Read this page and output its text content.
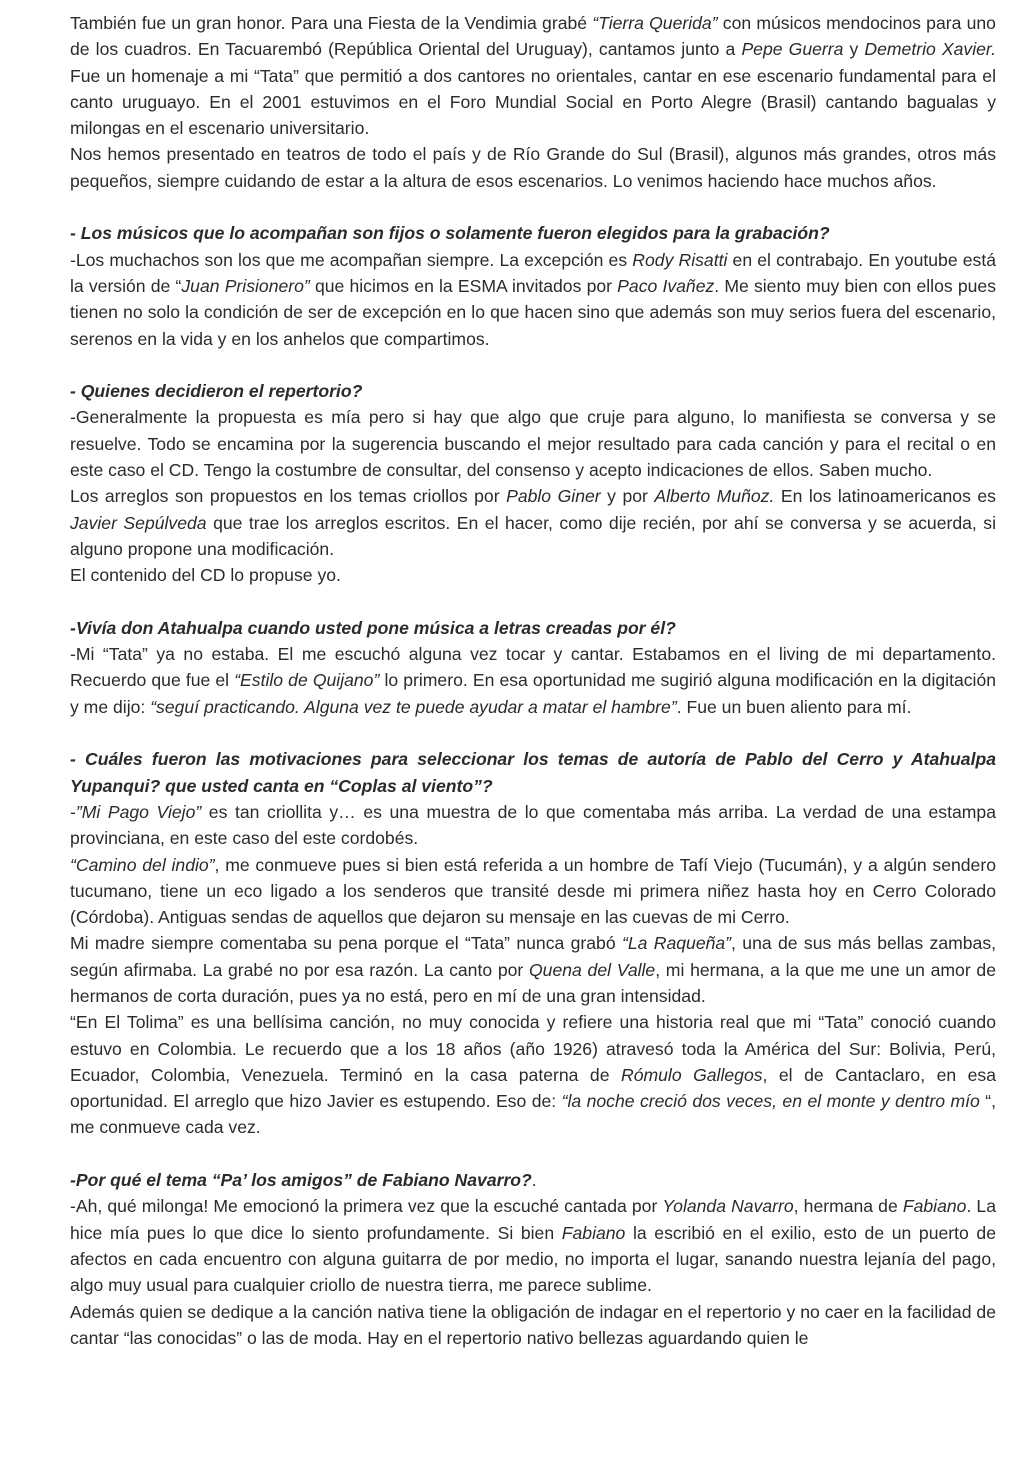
También fue un gran honor. Para una Fiesta de la Vendimia grabé “Tierra Querida” con músicos mendocinos para uno de los cuadros. En Tacuarembó (República Oriental del Uruguay), cantamos junto a Pepe Guerra y Demetrio Xavier. Fue un homenaje a mi “Tata” que permitió a dos cantores no orientales, cantar en ese escenario fundamental para el canto uruguayo. En el 2001 estuvimos en el Foro Mundial Social en Porto Alegre (Brasil) cantando bagualas y milongas en el escenario universitario.

Nos hemos presentado en teatros de todo el país y de Río Grande do Sul (Brasil), algunos más grandes, otros más pequeños, siempre cuidando de estar a la altura de esos escenarios. Lo venimos haciendo hace muchos años.

- Los músicos que lo acompañan son fijos o solamente fueron elegidos para la grabación?

-Los muchachos son los que me acompañan siempre. La excepción es Rody Risatti en el contrabajo. En youtube está la versión de “Juan Prisionero” que hicimos en la ESMA invitados por Paco Ivañez. Me siento muy bien con ellos pues tienen no solo la condición de ser de excepción en lo que hacen sino que además son muy serios fuera del escenario, serenos en la vida y en los anhelos que compartimos.

- Quienes decidieron el repertorio?

-Generalmente la propuesta es mía pero si hay que algo que cruje para alguno, lo manifiesta se conversa y se resuelve. Todo se encamina por la sugerencia buscando el mejor resultado para cada canción y para el recital o en este caso el CD. Tengo la costumbre de consultar, del consenso y acepto indicaciones de ellos. Saben mucho.

Los arreglos son propuestos en los temas criollos por Pablo Giner y por Alberto Muñoz. En los latinoamericanos es Javier Sepúlveda que trae los arreglos escritos. En el hacer, como dije recién, por ahí se conversa y se acuerda, si alguno propone una modificación.

El contenido del CD lo propuse yo.

-Vivía don Atahualpa cuando usted pone música a letras creadas por él?

-Mi “Tata” ya no estaba. El me escuchó alguna vez tocar y cantar. Estabamos en el living de mi departamento. Recuerdo que fue el “Estilo de Quijano” lo primero. En esa oportunidad me sugirió alguna modificación en la digitación y me dijo: “seguí practicando. Alguna vez te puede ayudar a matar el hambre”. Fue un buen aliento para mí.

- Cuáles fueron las motivaciones para seleccionar los temas de autoría de Pablo del Cerro y Atahualpa Yupanqui? que usted canta en “Coplas al viento”?

-”Mi Pago Viejo” es tan criollita y… es una muestra de lo que comentaba más arriba. La verdad de una estampa provinciana, en este caso del este cordobés.

“Camino del indio”, me conmueve pues si bien está referida a un hombre de Tafí Viejo (Tucumán), y a algún sendero tucumano, tiene un eco ligado a los senderos que transité desde mi primera niñez hasta hoy en Cerro Colorado (Córdoba). Antiguas sendas de aquellos que dejaron su mensaje en las cuevas de mi Cerro.

Mi madre siempre comentaba su pena porque el “Tata” nunca grabó “La Raqueña”, una de sus más bellas zambas, según afirmaba. La grabé no por esa razón. La canto por Quena del Valle, mi hermana, a la que me une un amor de hermanos de corta duración, pues ya no está, pero en mí de una gran intensidad.

“En El Tolima” es una bellísima canción, no muy conocida y refiere una historia real que mi “Tata” conoció cuando estuvo en Colombia. Le recuerdo que a los 18 años (año 1926) atravesó toda la América del Sur: Bolivia, Perú, Ecuador, Colombia, Venezuela. Terminó en la casa paterna de Rómulo Gallegos, el de Cantaclaro, en esa oportunidad. El arreglo que hizo Javier es estupendo. Eso de: “la noche creció dos veces, en el monte y dentro mío “, me conmueve cada vez.

-Por qué el tema “Pa’ los amigos” de Fabiano Navarro?.

-Ah, qué milonga! Me emocionó la primera vez que la escuché cantada por Yolanda Navarro, hermana de Fabiano. La hice mía pues lo que dice lo siento profundamente. Si bien Fabiano la escribió en el exilio, esto de un puerto de afectos en cada encuentro con alguna guitarra de por medio, no importa el lugar, sanando nuestra lejanía del pago, algo muy usual para cualquier criollo de nuestra tierra, me parece sublime.

Además quien se dedique a la canción nativa tiene la obligación de indagar en el repertorio y no caer en la facilidad de cantar “las conocidas” o las de moda. Hay en el repertorio nativo bellezas aguardando quien le
